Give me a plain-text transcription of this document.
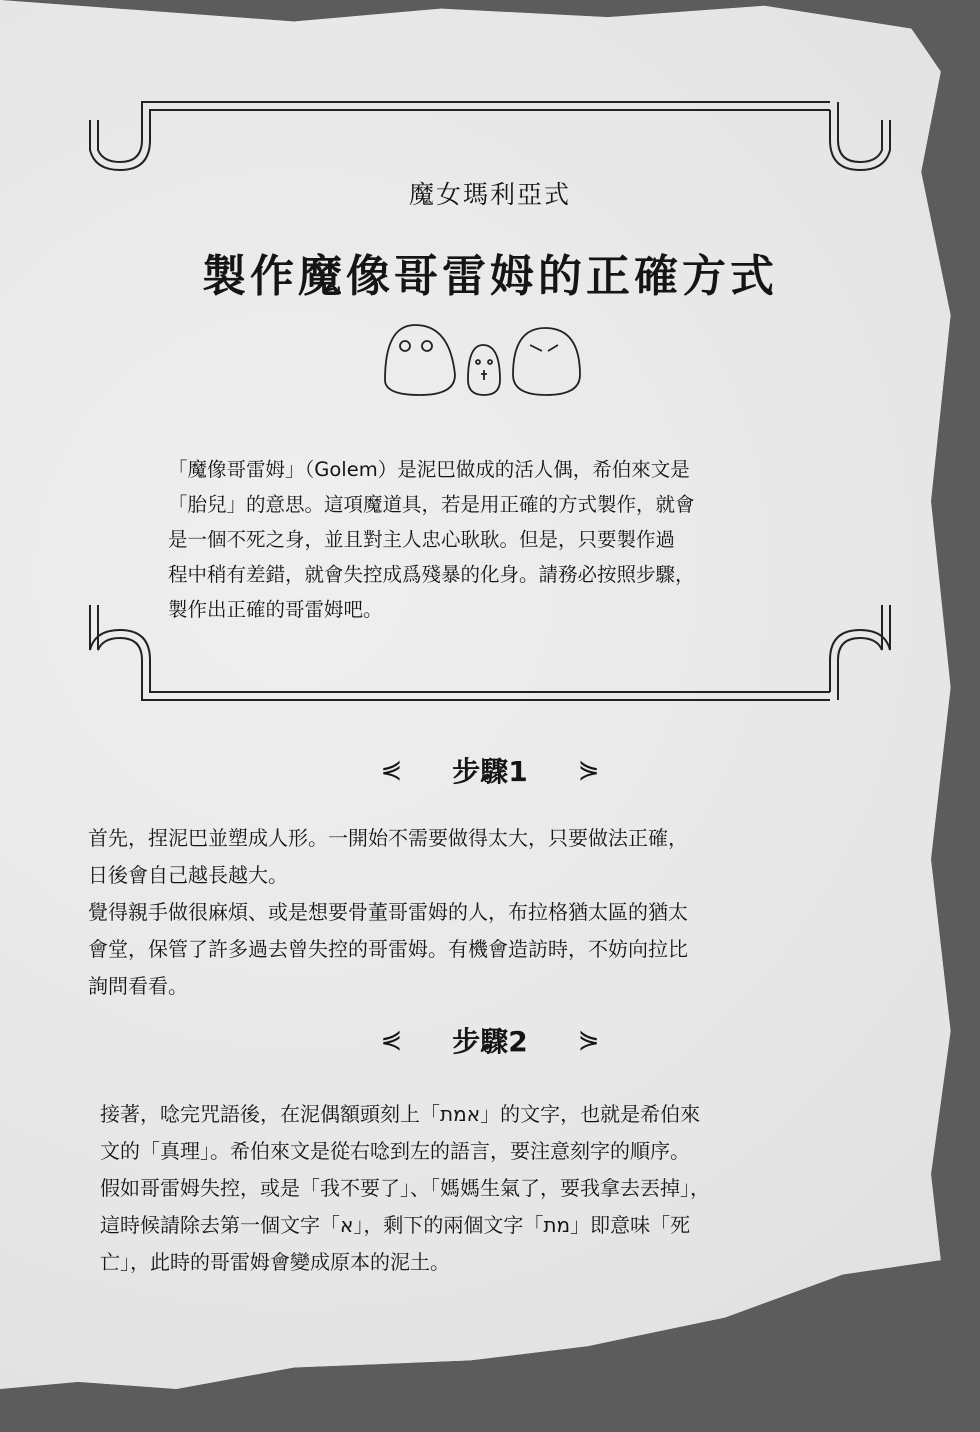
魔女瑪利亞式
製作魔像哥雷姆的正確方式
「魔像哥雷姆」（Golem）是泥巴做成的活人偶，希伯來文是
「胎兒」的意思。這項魔道具，若是用正確的方式製作，就會
是一個不死之身，並且對主人忠心耿耿。但是，只要製作過
程中稍有差錯，就會失控成爲殘暴的化身。請務必按照步驟，
製作出正確的哥雷姆吧。
⋞ 步驟1 ⋟
首先，捏泥巴並塑成人形。一開始不需要做得太大，只要做法正確，
日後會自己越長越大。
覺得親手做很麻煩、或是想要骨董哥雷姆的人，布拉格猶太區的猶太
會堂，保管了許多過去曾失控的哥雷姆。有機會造訪時，不妨向拉比
詢問看看。
⋞ 步驟2 ⋟
接著，唸完咒語後，在泥偶額頭刻上「אמת」的文字，也就是希伯來
文的「真理」。希伯來文是從右唸到左的語言，要注意刻字的順序。
假如哥雷姆失控，或是「我不要了」、「媽媽生氣了，要我拿去丟掉」，
這時候請除去第一個文字「א」，剩下的兩個文字「מת」即意味「死
亡」，此時的哥雷姆會變成原本的泥土。
